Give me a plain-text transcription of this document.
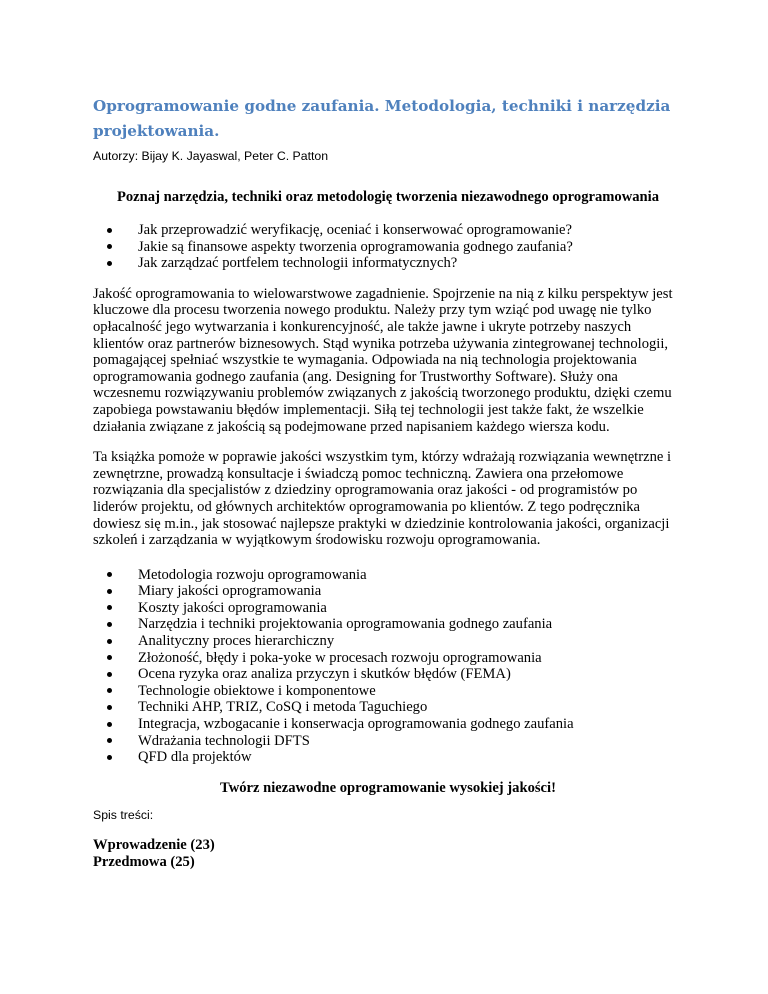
Oprogramowanie godne zaufania. Metodologia, techniki i narzędzia projektowania.

Autorzy: Bijay K. Jayaswal, Peter C. Patton

Poznaj narzędzia, techniki oraz metodologię tworzenia niezawodnego oprogramowania

Jak przeprowadzić weryfikację, oceniać i konserwować oprogramowanie?
Jakie są finansowe aspekty tworzenia oprogramowania godnego zaufania?
Jak zarządzać portfelem technologii informatycznych?

Jakość oprogramowania to wielowarstwowe zagadnienie. Spojrzenie na nią z kilku perspektyw jest kluczowe dla procesu tworzenia nowego produktu. Należy przy tym wziąć pod uwagę nie tylko opłacalność jego wytwarzania i konkurencyjność, ale także jawne i ukryte potrzeby naszych klientów oraz partnerów biznesowych. Stąd wynika potrzeba używania zintegrowanej technologii, pomagającej spełniać wszystkie te wymagania. Odpowiada na nią technologia projektowania oprogramowania godnego zaufania (ang. Designing for Trustworthy Software). Służy ona wczesnemu rozwiązywaniu problemów związanych z jakością tworzonego produktu, dzięki czemu zapobiega powstawaniu błędów implementacji. Siłą tej technologii jest także fakt, że wszelkie działania związane z jakością są podejmowane przed napisaniem każdego wiersza kodu.

Ta książka pomoże w poprawie jakości wszystkim tym, którzy wdrażają rozwiązania wewnętrzne i zewnętrzne, prowadzą konsultacje i świadczą pomoc techniczną. Zawiera ona przełomowe rozwiązania dla specjalistów z dziedziny oprogramowania oraz jakości - od programistów po liderów projektu, od głównych architektów oprogramowania po klientów. Z tego podręcznika dowiesz się m.in., jak stosować najlepsze praktyki w dziedzinie kontrolowania jakości, organizacji szkoleń i zarządzania w wyjątkowym środowisku rozwoju oprogramowania.

Metodologia rozwoju oprogramowania
Miary jakości oprogramowania
Koszty jakości oprogramowania
Narzędzia i techniki projektowania oprogramowania godnego zaufania
Analityczny proces hierarchiczny
Złożoność, błędy i poka-yoke w procesach rozwoju oprogramowania
Ocena ryzyka oraz analiza przyczyn i skutków błędów (FEMA)
Technologie obiektowe i komponentowe
Techniki AHP, TRIZ, CoSQ i metoda Taguchiego
Integracja, wzbogacanie i konserwacja oprogramowania godnego zaufania
Wdrażania technologii DFTS
QFD dla projektów

Twórz niezawodne oprogramowanie wysokiej jakości!

Spis treści:

Wprowadzenie (23)
Przedmowa (25)
